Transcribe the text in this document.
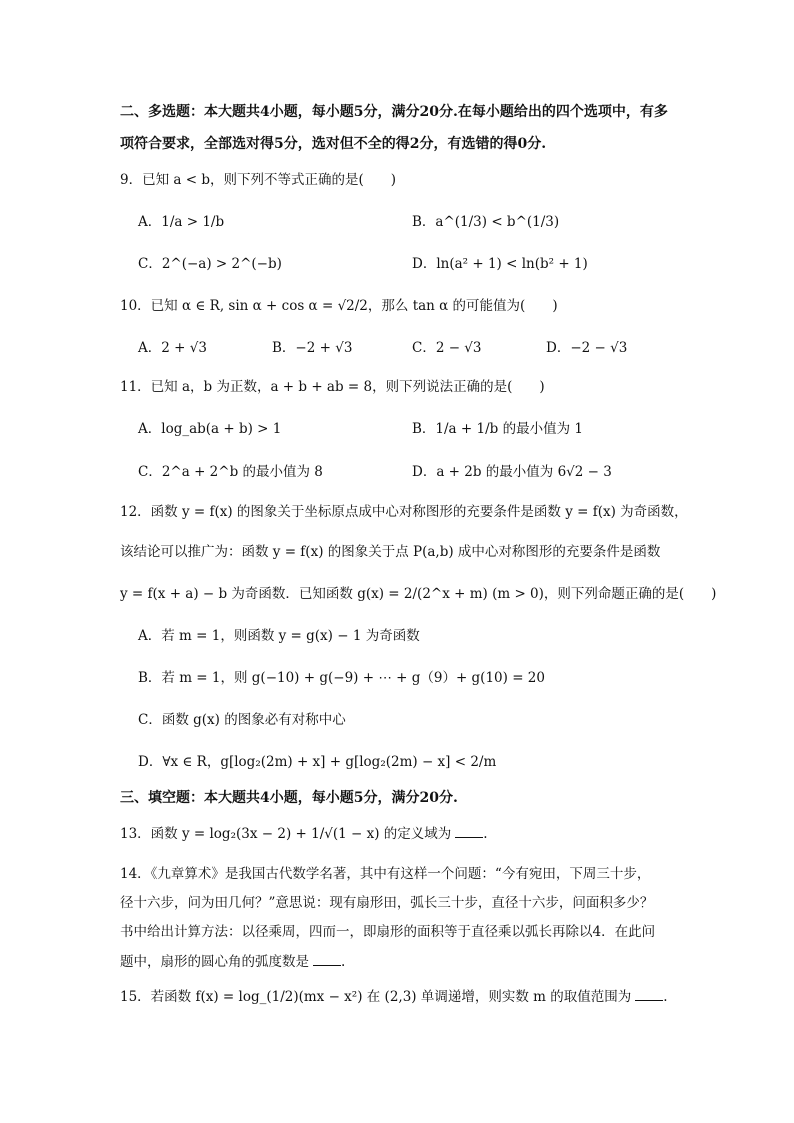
二、多选题：本大题共4小题，每小题5分，满分20分.在每小题给出的四个选项中，有多
项符合要求，全部选对得5分，选对但不全的得2分，有选错的得0分.
9．已知 a < b，则下列不等式正确的是(　　)
A．1/a > 1/b	B．a^(1/3) < b^(1/3)
C．2^(−a) > 2^(−b)	D．ln(a² + 1) < ln(b² + 1)
10．已知 α ∈ R, sin α + cos α = √2/2，那么 tan α 的可能值为(　　)
A．2 + √3	B．−2 + √3	C．2 − √3	D．−2 − √3
11．已知 a，b 为正数，a + b + ab = 8，则下列说法正确的是(　　)
A．log_ab(a + b) > 1	B．1/a + 1/b 的最小值为 1
C．2^a + 2^b 的最小值为 8	D．a + 2b 的最小值为 6√2 − 3
12．函数 y = f(x) 的图象关于坐标原点成中心对称图形的充要条件是函数 y = f(x) 为奇函数，
该结论可以推广为：函数 y = f(x) 的图象关于点 P(a,b) 成中心对称图形的充要条件是函数
y = f(x + a) − b 为奇函数．已知函数 g(x) = 2/(2^x + m) (m > 0)，则下列命题正确的是(　　)
A．若 m = 1，则函数 y = g(x) − 1 为奇函数
B．若 m = 1，则 g(−10) + g(−9) + ⋯ + g（9）+ g(10) = 20
C．函数 g(x) 的图象必有对称中心
D．∀x ∈ R，g[log₂(2m) + x] + g[log₂(2m) − x] < 2/m
三、填空题：本大题共4小题，每小题5分，满分20分.
13．函数 y = log₂(3x − 2) + 1/√(1 − x) 的定义域为 .
14．《九章算术》是我国古代数学名著，其中有这样一个问题：“今有宛田，下周三十步，
径十六步，问为田几何？”意思说：现有扇形田，弧长三十步，直径十六步，问面积多少？
书中给出计算方法：以径乘周，四而一，即扇形的面积等于直径乘以弧长再除以4．在此问
题中，扇形的圆心角的弧度数是 .
15．若函数 f(x) = log_(1/2)(mx − x²) 在 (2,3) 单调递增，则实数 m 的取值范围为 .
